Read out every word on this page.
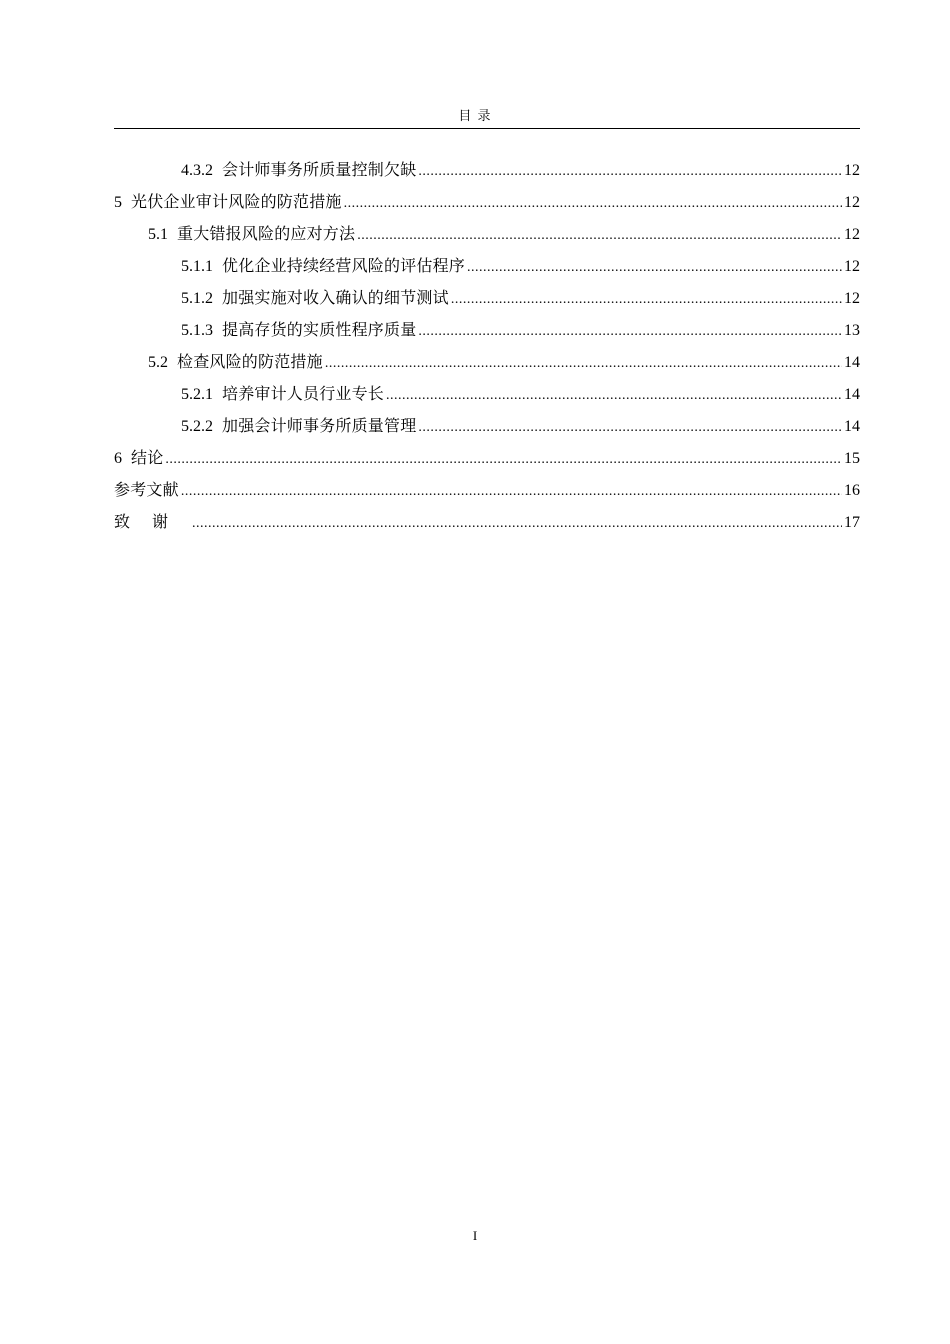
目 录
4.3.2 会计师事务所质量控制欠缺 .....	12
5 光伏企业审计风险的防范措施 .....	12
5.1 重大错报风险的应对方法 .....	12
5.1.1 优化企业持续经营风险的评估程序 .....	12
5.1.2 加强实施对收入确认的细节测试 .....	12
5.1.3 提高存货的实质性程序质量 .....	13
5.2 检查风险的防范措施 .....	14
5.2.1 培养审计人员行业专长 .....	14
5.2.2 加强会计师事务所质量管理 .....	14
6 结论 .....	15
参考文献 .....	16
致谢 .....	17
I
